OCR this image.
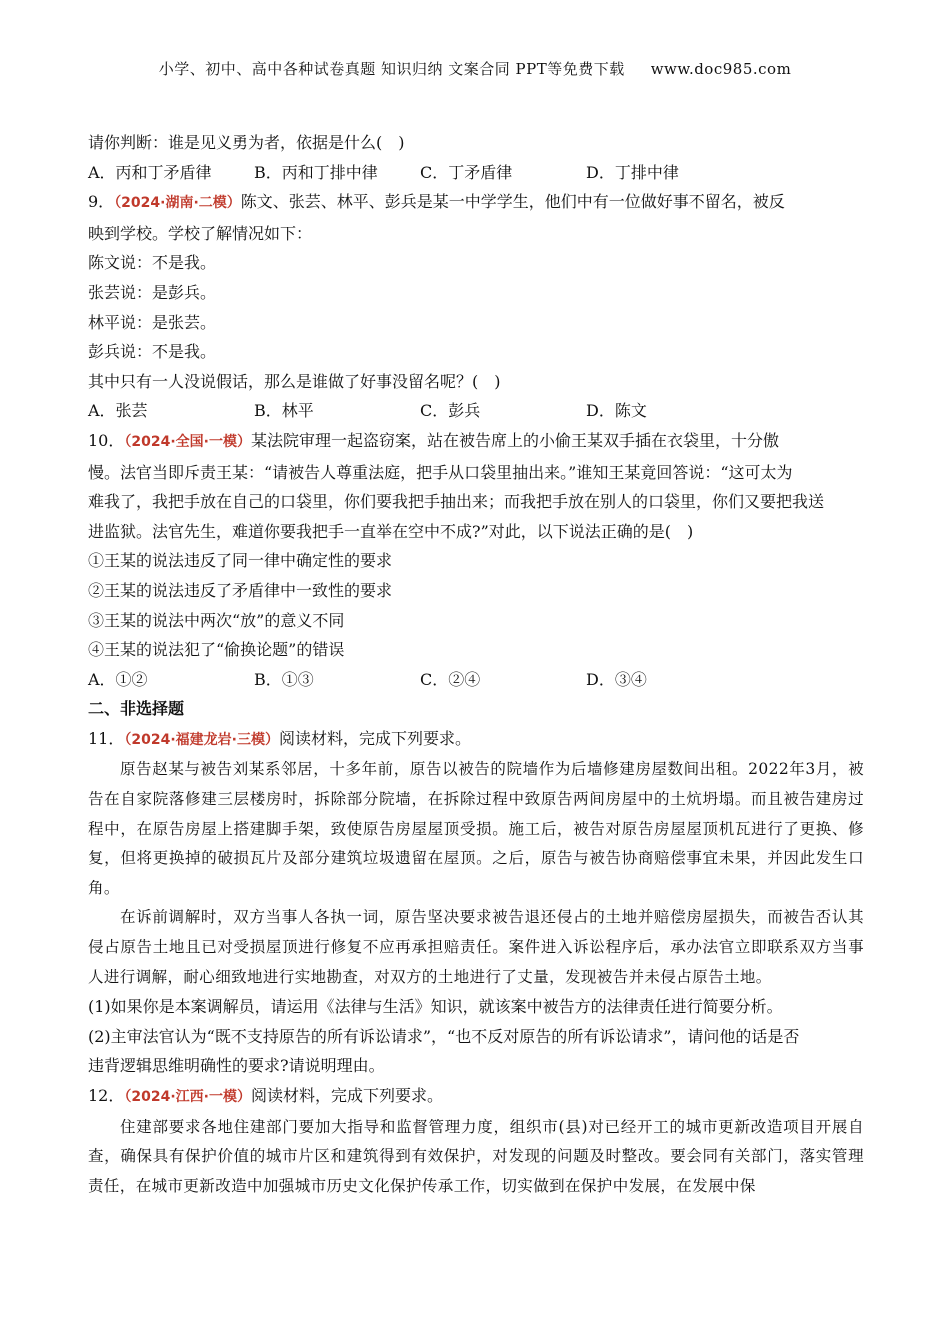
小学、初中、高中各种试卷真题 知识归纳 文案合同 PPT等免费下载 www.doc985.com
请你判断：谁是见义勇为者，依据是什么(　)
A．丙和丁矛盾律	B．丙和丁排中律	C．丁矛盾律	D．丁排中律
9．（2024·湖南·二模）陈文、张芸、林平、彭兵是某一中学学生，他们中有一位做好事不留名，被反
映到学校。学校了解情况如下：
陈文说：不是我。
张芸说：是彭兵。
林平说：是张芸。
彭兵说：不是我。
其中只有一人没说假话，那么是谁做了好事没留名呢？(　)
A．张芸	B．林平	C．彭兵	D．陈文
10．（2024·全国·一模）某法院审理一起盗窃案，站在被告席上的小偷王某双手插在衣袋里，十分傲
慢。法官当即斥责王某：“请被告人尊重法庭，把手从口袋里抽出来。”谁知王某竟回答说：“这可太为
难我了，我把手放在自己的口袋里，你们要我把手抽出来；而我把手放在别人的口袋里，你们又要把我送
进监狱。法官先生，难道你要我把手一直举在空中不成?”对此，以下说法正确的是(　)
①王某的说法违反了同一律中确定性的要求
②王某的说法违反了矛盾律中一致性的要求
③王某的说法中两次“放”的意义不同
④王某的说法犯了“偷换论题”的错误
A．①②	B．①③	C．②④	D．③④
二、非选择题
11．（2024·福建龙岩·三模）阅读材料，完成下列要求。
原告赵某与被告刘某系邻居，十多年前，原告以被告的院墙作为后墙修建房屋数间出租。2022年3月，被告在自家院落修建三层楼房时，拆除部分院墙，在拆除过程中致原告两间房屋中的土炕坍塌。而且被告建房过程中，在原告房屋上搭建脚手架，致使原告房屋屋顶受损。施工后，被告对原告房屋屋顶机瓦进行了更换、修复，但将更换掉的破损瓦片及部分建筑垃圾遗留在屋顶。之后，原告与被告协商赔偿事宜未果，并因此发生口角。
在诉前调解时，双方当事人各执一词，原告坚决要求被告退还侵占的土地并赔偿房屋损失，而被告否认其侵占原告土地且已对受损屋顶进行修复不应再承担赔责任。案件进入诉讼程序后，承办法官立即联系双方当事人进行调解，耐心细致地进行实地勘查，对双方的土地进行了丈量，发现被告并未侵占原告土地。
(1)如果你是本案调解员，请运用《法律与生活》知识，就该案中被告方的法律责任进行简要分析。
(2)主审法官认为“既不支持原告的所有诉讼请求”，“也不反对原告的所有诉讼请求”，请问他的话是否
违背逻辑思维明确性的要求?请说明理由。
12．（2024·江西·一模）阅读材料，完成下列要求。
住建部要求各地住建部门要加大指导和监督管理力度，组织市(县)对已经开工的城市更新改造项目开展自查，确保具有保护价值的城市片区和建筑得到有效保护，对发现的问题及时整改。要会同有关部门，落实管理责任，在城市更新改造中加强城市历史文化保护传承工作，切实做到在保护中发展，在发展中保
